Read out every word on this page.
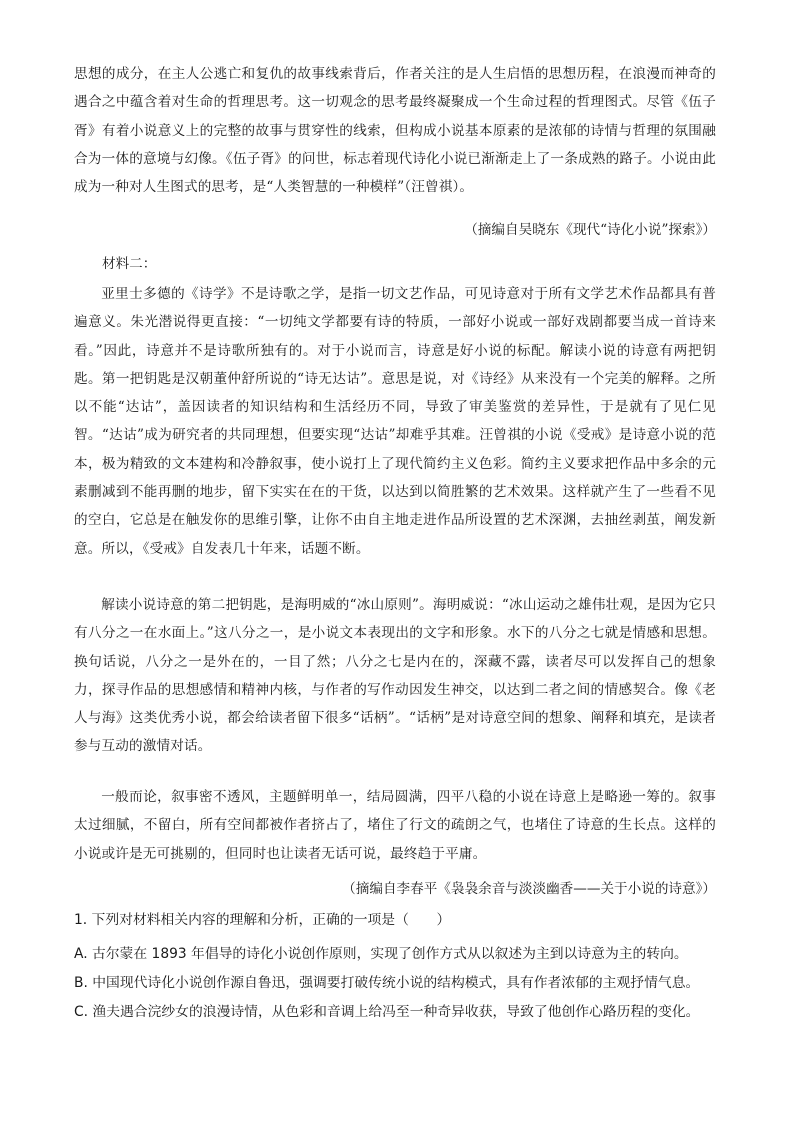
思想的成分，在主人公逃亡和复仇的故事线索背后，作者关注的是人生启悟的思想历程，在浪漫而神奇的遇合之中蕴含着对生命的哲理思考。这一切观念的思考最终凝聚成一个生命过程的哲理图式。尽管《伍子胥》有着小说意义上的完整的故事与贯穿性的线索，但构成小说基本原素的是浓郁的诗情与哲理的氛围融合为一体的意境与幻像。《伍子胥》的问世，标志着现代诗化小说已渐渐走上了一条成熟的路子。小说由此成为一种对人生图式的思考，是“人类智慧的一种模样”（汪曾祺）。

（摘编自吴晓东《现代“诗化小说”探索》）
材料二：

亚里士多德的《诗学》不是诗歌之学，是指一切文艺作品，可见诗意对于所有文学艺术作品都具有普遍意义。朱光潜说得更直接：“一切纯文学都要有诗的特质，一部好小说或一部好戏剧都要当成一首诗来看。”因此，诗意并不是诗歌所独有的。对于小说而言，诗意是好小说的标配。解读小说的诗意有两把钥匙。第一把钥匙是汉朝董仲舒所说的“诗无达诂”。意思是说，对《诗经》从来没有一个完美的解释。之所以不能“达诂”，盖因读者的知识结构和生活经历不同，导致了审美鉴赏的差异性，于是就有了见仁见智。“达诂”成为研究者的共同理想，但要实现“达诂”却难乎其难。汪曾祺的小说《受戒》是诗意小说的范本，极为精致的文本建构和冷静叙事，使小说打上了现代简约主义色彩。简约主义要求把作品中多余的元素删减到不能再删的地步，留下实实在在的干货，以达到以简胜繁的艺术效果。这样就产生了一些看不见的空白，它总是在触发你的思维引擎，让你不由自主地走进作品所设置的艺术深渊，去抽丝剥茧，阐发新意。所以，《受戒》自发表几十年来，话题不断。

解读小说诗意的第二把钥匙，是海明威的“冰山原则”。海明威说：“冰山运动之雄伟壮观，是因为它只有八分之一在水面上。”这八分之一，是小说文本表现出的文字和形象。水下的八分之七就是情感和思想。换句话说，八分之一是外在的，一目了然；八分之七是内在的，深藏不露，读者尽可以发挥自己的想象力，探寻作品的思想感情和精神内核，与作者的写作动因发生神交，以达到二者之间的情感契合。像《老人与海》这类优秀小说，都会给读者留下很多“话柄”。“话柄”是对诗意空间的想象、阐释和填充，是读者参与互动的激情对话。

一般而论，叙事密不透风，主题鲜明单一，结局圆满，四平八稳的小说在诗意上是略逊一筹的。叙事太过细腻，不留白，所有空间都被作者挤占了，堵住了行文的疏朗之气，也堵住了诗意的生长点。这样的小说或许是无可挑剔的，但同时也让读者无话可说，最终趋于平庸。

（摘编自李春平《袅袅余音与淡淡幽香——关于小说的诗意》）
1. 下列对材料相关内容的理解和分析，正确的一项是（　　）
A. 古尔蒙在 1893 年倡导的诗化小说创作原则，实现了创作方式从以叙述为主到以诗意为主的转向。
B. 中国现代诗化小说创作源自鲁迅，强调要打破传统小说的结构模式，具有作者浓郁的主观抒情气息。
C. 渔夫遇合浣纱女的浪漫诗情，从色彩和音调上给冯至一种奇异收获，导致了他创作心路历程的变化。
